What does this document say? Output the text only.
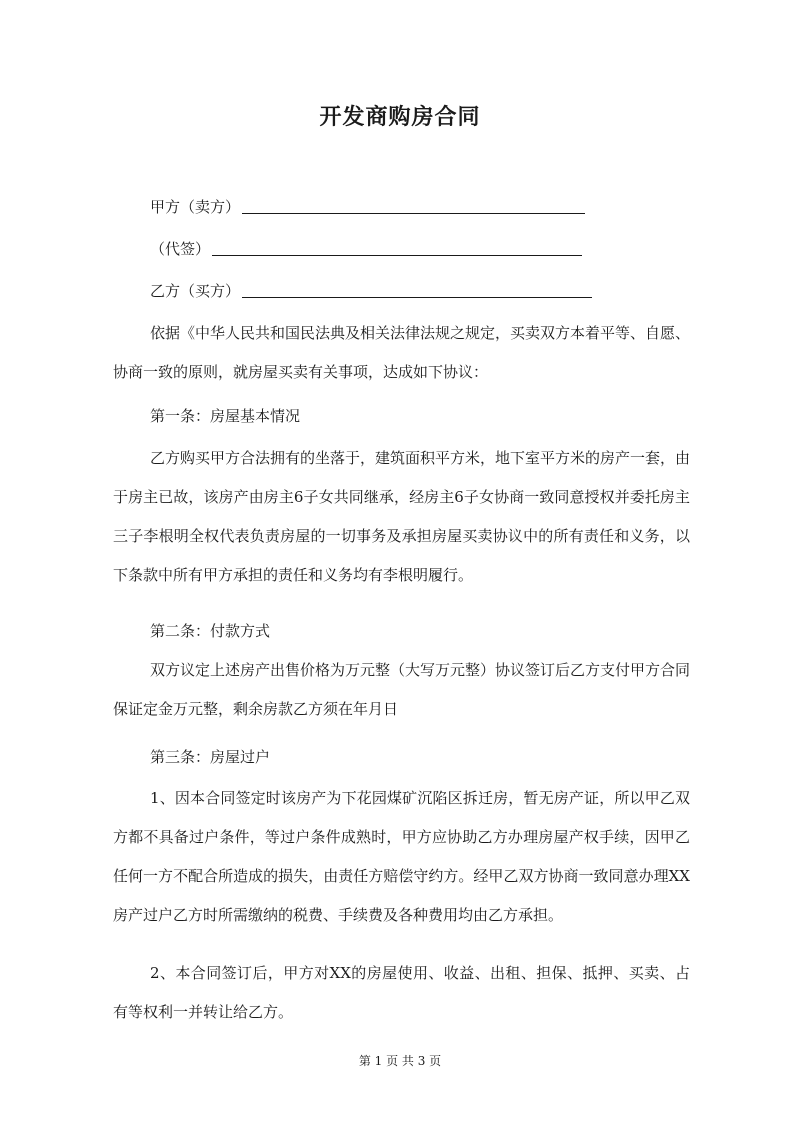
开发商购房合同
甲方（卖方）
（代签）
乙方（买方）

依据《中华人民共和国民法典及相关法律法规之规定，买卖双方本着平等、自愿、协商一致的原则，就房屋买卖有关事项，达成如下协议：

第一条：房屋基本情况

乙方购买甲方合法拥有的坐落于，建筑面积平方米，地下室平方米的房产一套，由于房主已故，该房产由房主6子女共同继承，经房主6子女协商一致同意授权并委托房主三子李根明全权代表负责房屋的一切事务及承担房屋买卖协议中的所有责任和义务，以下条款中所有甲方承担的责任和义务均有李根明履行。

第二条：付款方式

双方议定上述房产出售价格为万元整（大写万元整）协议签订后乙方支付甲方合同保证定金万元整，剩余房款乙方须在年月日

第三条：房屋过户

1、因本合同签定时该房产为下花园煤矿沉陷区拆迁房，暂无房产证，所以甲乙双方都不具备过户条件，等过户条件成熟时，甲方应协助乙方办理房屋产权手续，因甲乙任何一方不配合所造成的损失，由责任方赔偿守约方。经甲乙双方协商一致同意办理XX房产过户乙方时所需缴纳的税费、手续费及各种费用均由乙方承担。

2、本合同签订后，甲方对XX的房屋使用、收益、出租、担保、抵押、买卖、占有等权利一并转让给乙方。

第 1 页 共 3 页
